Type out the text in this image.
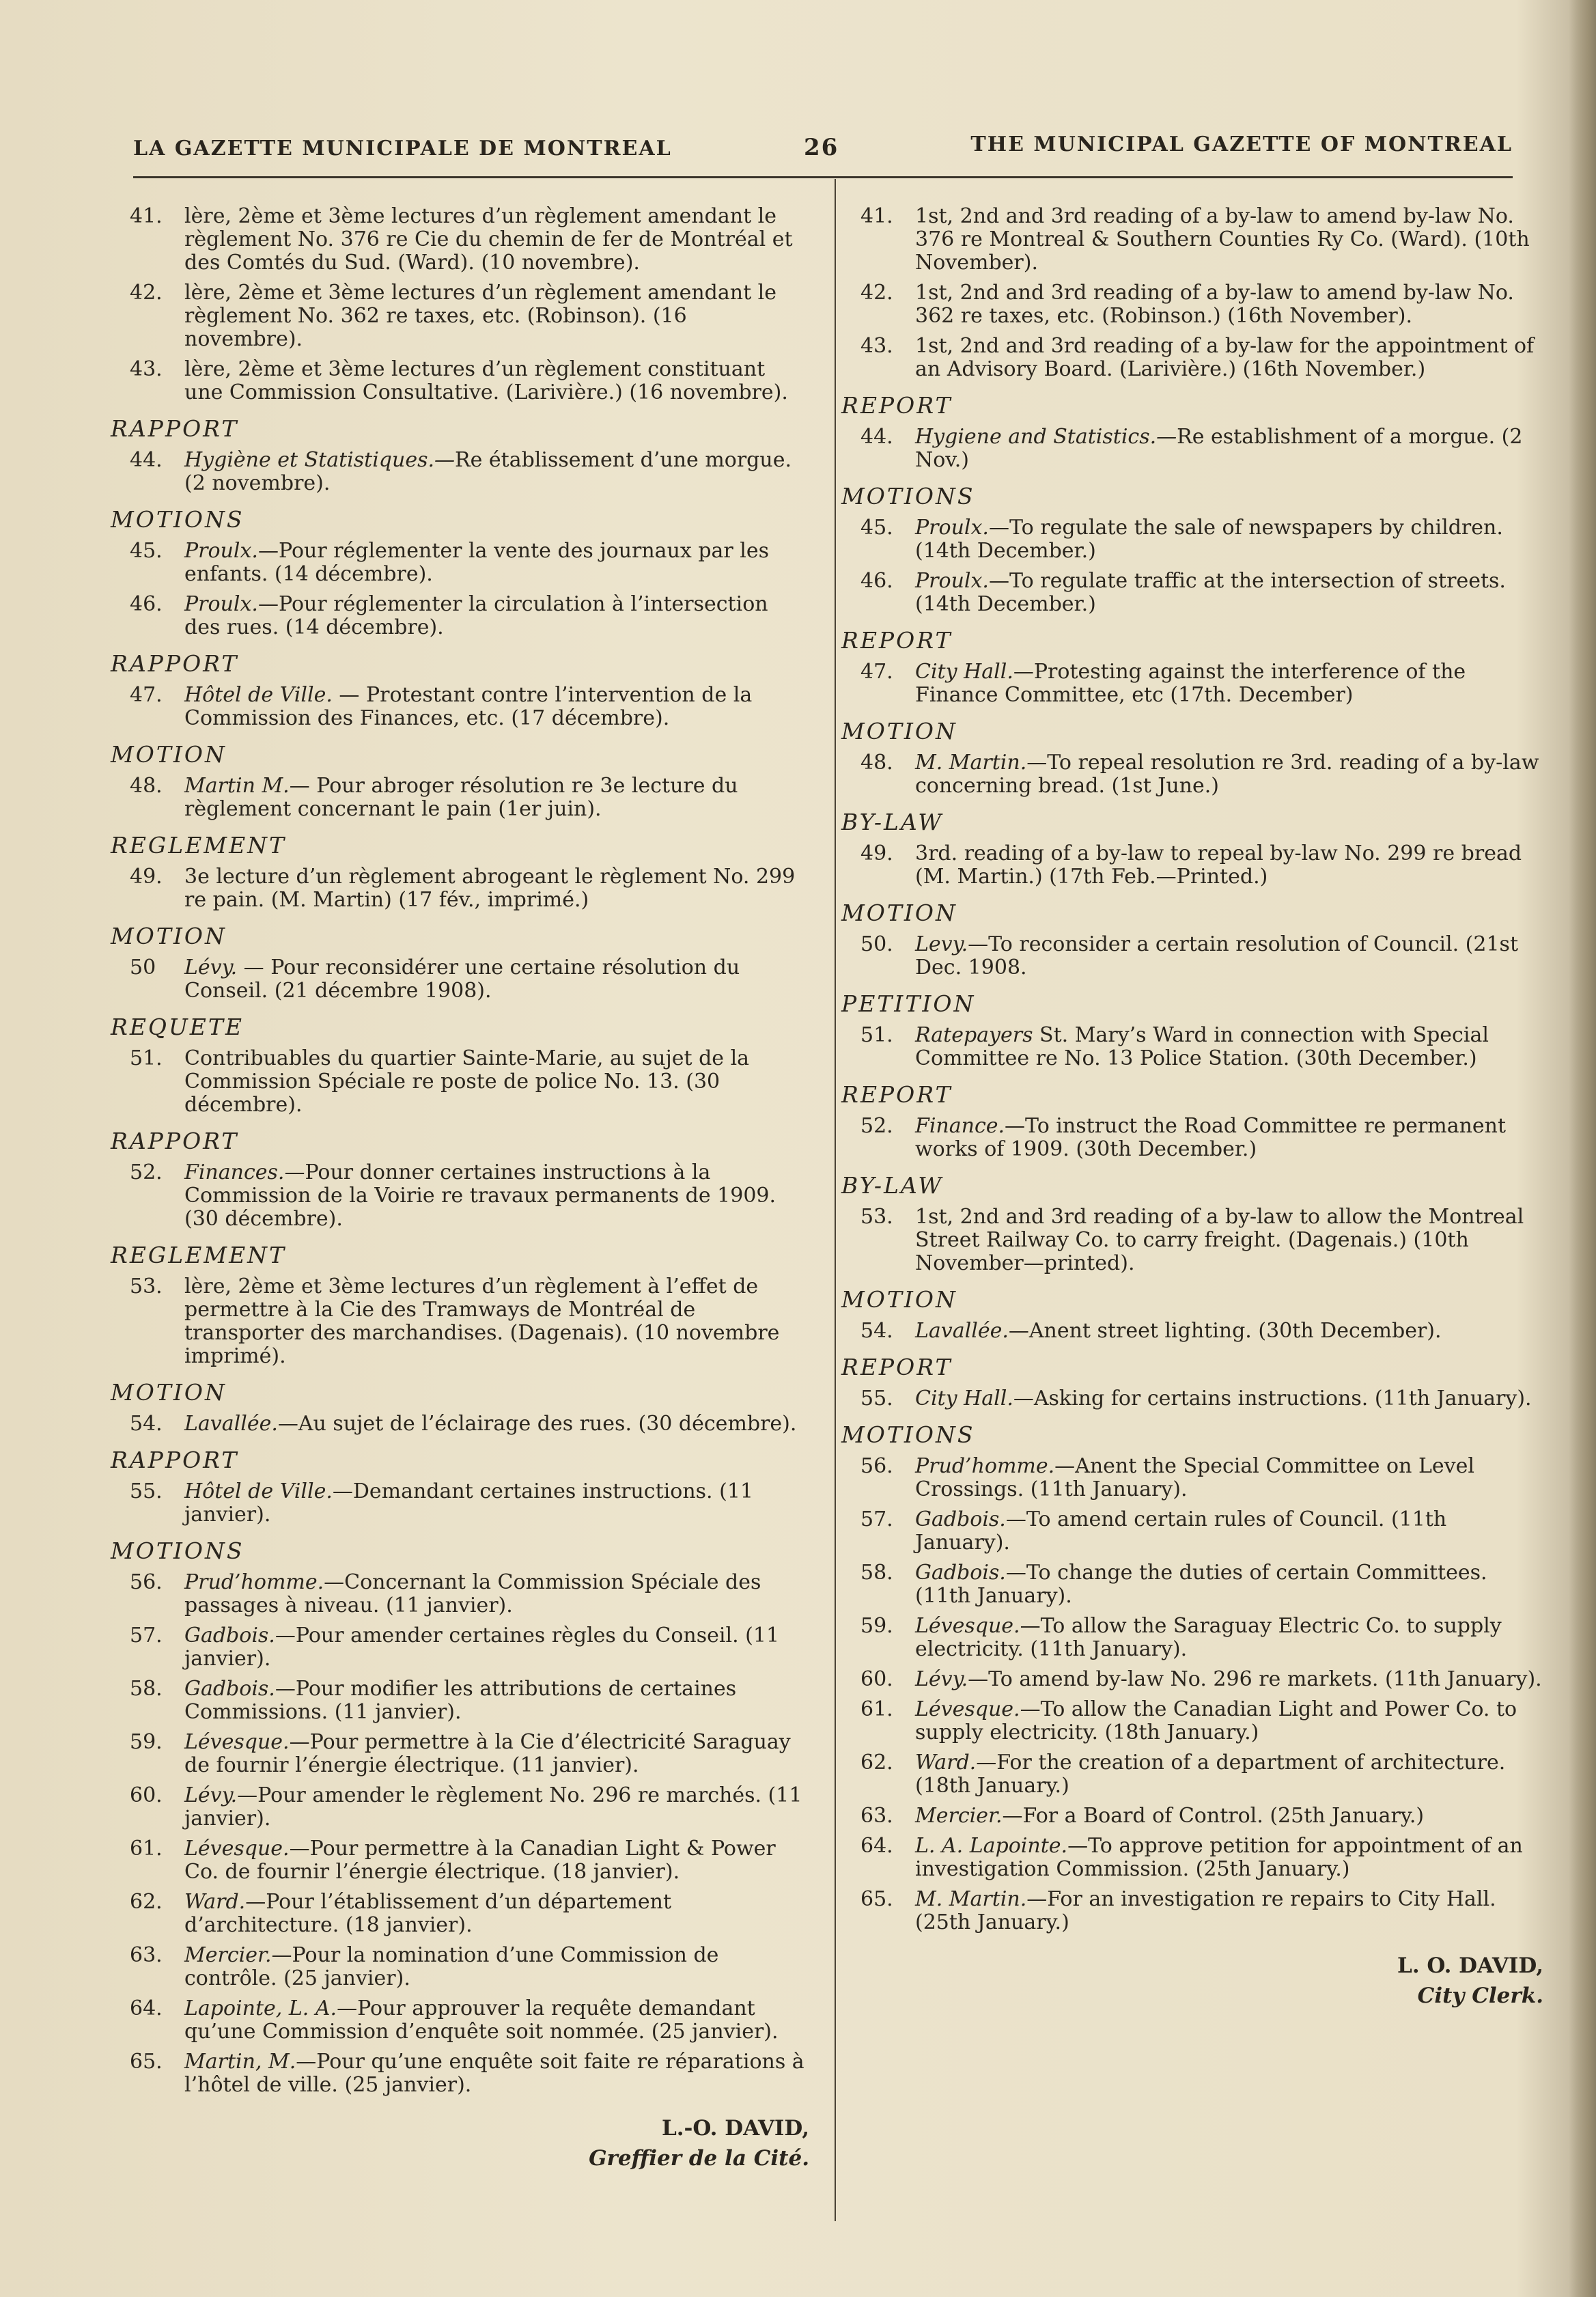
LA GAZETTE MUNICIPALE DE MONTREAL	26	THE MUNICIPAL GAZETTE OF MONTREAL
41. lère, 2ème et 3ème lectures d’un règlement amendant le règlement No. 376 re Cie du chemin de fer de Montréal et des Comtés du Sud. (Ward). (10 novembre).
42. lère, 2ème et 3ème lectures d’un règlement amendant le règlement No. 362 re taxes, etc. (Robinson). (16 novembre).
43. lère, 2ème et 3ème lectures d’un règlement constituant une Commission Consultative. (Larivière.) (16 novembre).
RAPPORT
44. Hygiène et Statistiques.—Re établissement d’une morgue. (2 novembre).
MOTIONS
45. Proulx.—Pour réglementer la vente des journaux par les enfants. (14 décembre).
46. Proulx.—Pour réglementer la circulation à l’intersection des rues. (14 décembre).
RAPPORT
47. Hôtel de Ville. — Protestant contre l’intervention de la Commission des Finances, etc. (17 décembre).
MOTION
48. Martin M.— Pour abroger résolution re 3e lecture du règlement concernant le pain (1er juin).
REGLEMENT
49. 3e lecture d’un règlement abrogeant le règlement No. 299 re pain. (M. Martin) (17 fév., imprimé.)
MOTION
50 Lévy. — Pour reconsidérer une certaine résolution du Conseil. (21 décembre 1908).
REQUETE
51. Contribuables du quartier Sainte-Marie, au sujet de la Commission Spéciale re poste de police No. 13. (30 décembre).
RAPPORT
52. Finances.—Pour donner certaines instructions à la Commission de la Voirie re travaux permanents de 1909. (30 décembre).
REGLEMENT
53. lère, 2ème et 3ème lectures d’un règlement à l’effet de permettre à la Cie des Tramways de Montréal de transporter des marchandises. (Dagenais). (10 novembre imprimé).
MOTION
54. Lavallée.—Au sujet de l’éclairage des rues. (30 décembre).
RAPPORT
55. Hôtel de Ville.—Demandant certaines instructions. (11 janvier).
MOTIONS
56. Prud’homme.—Concernant la Commission Spéciale des passages à niveau. (11 janvier).
57. Gadbois.—Pour amender certaines règles du Conseil. (11 janvier).
58. Gadbois.—Pour modifier les attributions de certaines Commissions. (11 janvier).
59. Lévesque.—Pour permettre à la Cie d’électricité Saraguay de fournir l’énergie électrique. (11 janvier).
60. Lévy.—Pour amender le règlement No. 296 re marchés. (11 janvier).
61. Lévesque.—Pour permettre à la Canadian Light & Power Co. de fournir l’énergie électrique. (18 janvier).
62. Ward.—Pour l’établissement d’un département d’architecture. (18 janvier).
63. Mercier.—Pour la nomination d’une Commission de contrôle. (25 janvier).
64. Lapointe, L. A.—Pour approuver la requête demandant qu’une Commission d’enquête soit nommée. (25 janvier).
65. Martin, M.—Pour qu’une enquête soit faite re réparations à l’hôtel de ville. (25 janvier).
L.-O. DAVID,
Greffier de la Cité.
41. 1st, 2nd and 3rd reading of a by-law to amend by-law No. 376 re Montreal & Southern Counties Ry Co. (Ward). (10th November).
42. 1st, 2nd and 3rd reading of a by-law to amend by-law No. 362 re taxes, etc. (Robinson.) (16th November).
43. 1st, 2nd and 3rd reading of a by-law for the appointment of an Advisory Board. (Larivière.) (16th November.)
REPORT
44. Hygiene and Statistics.—Re establishment of a morgue. (2 Nov.)
MOTIONS
45. Proulx.—To regulate the sale of newspapers by children. (14th December.)
46. Proulx.—To regulate traffic at the intersection of streets. (14th December.)
REPORT
47. City Hall.—Protesting against the interference of the Finance Committee, etc (17th. December)
MOTION
48. M. Martin.—To repeal resolution re 3rd. reading of a by-law concerning bread. (1st June.)
BY-LAW
49. 3rd. reading of a by-law to repeal by-law No. 299 re bread (M. Martin.) (17th Feb.—Printed.)
MOTION
50. Levy.—To reconsider a certain resolution of Council. (21st Dec. 1908.
PETITION
51. Ratepayers St. Mary’s Ward in connection with Special Committee re No. 13 Police Station. (30th December.)
REPORT
52. Finance.—To instruct the Road Committee re permanent works of 1909. (30th December.)
BY-LAW
53. 1st, 2nd and 3rd reading of a by-law to allow the Montreal Street Railway Co. to carry freight. (Dagenais.) (10th November—printed).
MOTION
54. Lavallée.—Anent street lighting. (30th December).
REPORT
55. City Hall.—Asking for certains instructions. (11th January).
MOTIONS
56. Prud’homme.—Anent the Special Committee on Level Crossings. (11th January).
57. Gadbois.—To amend certain rules of Council. (11th January).
58. Gadbois.—To change the duties of certain Committees. (11th January).
59. Lévesque.—To allow the Saraguay Electric Co. to supply electricity. (11th January).
60. Lévy.—To amend by-law No. 296 re markets. (11th January).
61. Lévesque.—To allow the Canadian Light and Power Co. to supply electricity. (18th January.)
62. Ward.—For the creation of a department of architecture. (18th January.)
63. Mercier.—For a Board of Control. (25th January.)
64. L. A. Lapointe.—To approve petition for appointment of an investigation Commission. (25th January.)
65. M. Martin.—For an investigation re repairs to City Hall. (25th January.)
L. O. DAVID,
City Clerk.
